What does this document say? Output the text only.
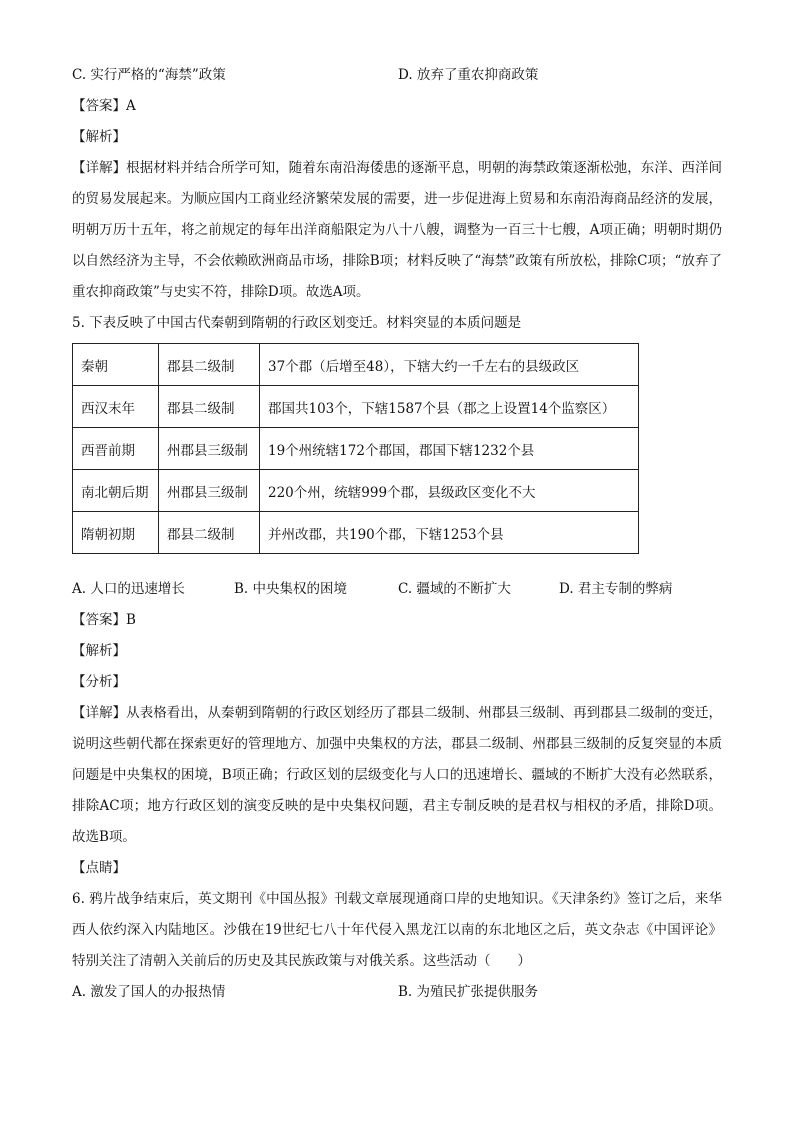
C. 实行严格的“海禁”政策	D. 放弃了重农抑商政策
【答案】A
【解析】
【详解】根据材料并结合所学可知，随着东南沿海倭患的逐渐平息，明朝的海禁政策逐渐松弛，东洋、西洋间的贸易发展起来。为顺应国内工商业经济繁荣发展的需要，进一步促进海上贸易和东南沿海商品经济的发展，明朝万历十五年，将之前规定的每年出洋商船限定为八十八艘，调整为一百三十七艘，A项正确；明朝时期仍以自然经济为主导，不会依赖欧洲商品市场，排除B项；材料反映了“海禁”政策有所放松，排除C项；“放弃了重农抑商政策”与史实不符，排除D项。故选A项。
5. 下表反映了中国古代秦朝到隋朝的行政区划变迁。材料突显的本质问题是
秦朝	郡县二级制	37个郡（后增至48），下辖大约一千左右的县级政区
西汉末年	郡县二级制	郡国共103个，下辖1587个县（郡之上设置14个监察区）
西晋前期	州郡县三级制	19个州统辖172个郡国，郡国下辖1232个县
南北朝后期	州郡县三级制	220个州，统辖999个郡，县级政区变化不大
隋朝初期	郡县二级制	并州改郡，共190个郡，下辖1253个县
A. 人口的迅速增长	B. 中央集权的困境	C. 疆域的不断扩大	D. 君主专制的弊病
【答案】B
【解析】
【分析】
【详解】从表格看出，从秦朝到隋朝的行政区划经历了郡县二级制、州郡县三级制、再到郡县二级制的变迁，说明这些朝代都在探索更好的管理地方、加强中央集权的方法，郡县二级制、州郡县三级制的反复突显的本质问题是中央集权的困境，B项正确；行政区划的层级变化与人口的迅速增长、疆域的不断扩大没有必然联系，排除AC项；地方行政区划的演变反映的是中央集权问题，君主专制反映的是君权与相权的矛盾，排除D项。故选B项。
【点睛】
6. 鸦片战争结束后，英文期刊《中国丛报》刊载文章展现通商口岸的史地知识。《天津条约》签订之后，来华西人依约深入内陆地区。沙俄在19世纪七八十年代侵入黑龙江以南的东北地区之后，英文杂志《中国评论》特别关注了清朝入关前后的历史及其民族政策与对俄关系。这些活动（　　）
A. 激发了国人的办报热情	B. 为殖民扩张提供服务
